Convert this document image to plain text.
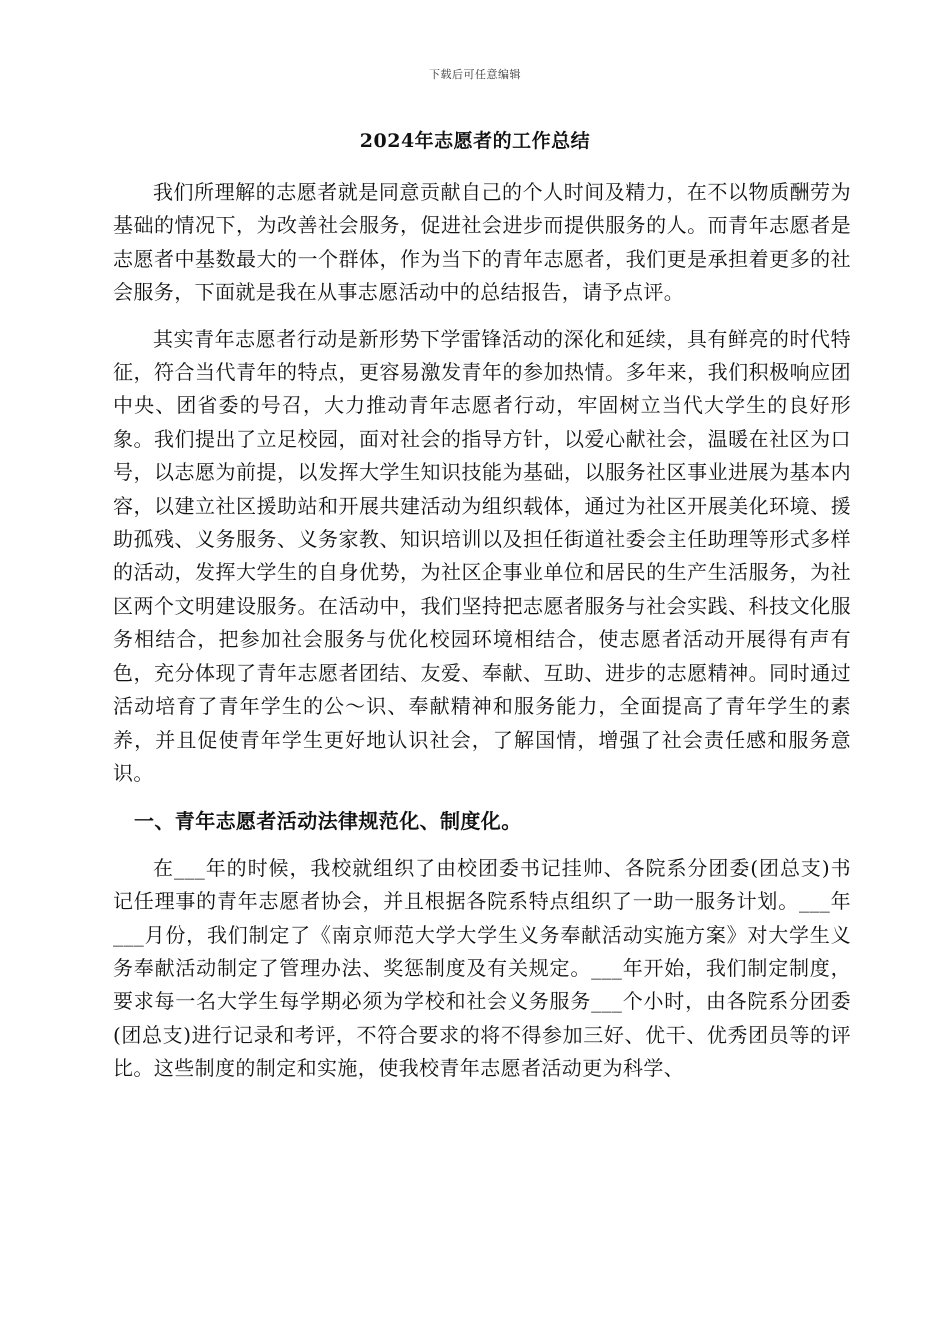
下载后可任意编辑
2024年志愿者的工作总结

我们所理解的志愿者就是同意贡献自己的个人时间及精力，在不以物质酬劳为基础的情况下，为改善社会服务，促进社会进步而提供服务的人。而青年志愿者是志愿者中基数最大的一个群体，作为当下的青年志愿者，我们更是承担着更多的社会服务，下面就是我在从事志愿活动中的总结报告，请予点评。

其实青年志愿者行动是新形势下学雷锋活动的深化和延续，具有鲜亮的时代特征，符合当代青年的特点，更容易激发青年的参加热情。多年来，我们积极响应团中央、团省委的号召，大力推动青年志愿者行动，牢固树立当代大学生的良好形象。我们提出了立足校园，面对社会的指导方针，以爱心献社会，温暖在社区为口号，以志愿为前提，以发挥大学生知识技能为基础，以服务社区事业进展为基本内容，以建立社区援助站和开展共建活动为组织载体，通过为社区开展美化环境、援助孤残、义务服务、义务家教、知识培训以及担任街道社委会主任助理等形式多样的活动，发挥大学生的自身优势，为社区企事业单位和居民的生产生活服务，为社区两个文明建设服务。在活动中，我们坚持把志愿者服务与社会实践、科技文化服务相结合，把参加社会服务与优化校园环境相结合，使志愿者活动开展得有声有色，充分体现了青年志愿者团结、友爱、奉献、互助、进步的志愿精神。同时通过活动培育了青年学生的公～识、奉献精神和服务能力，全面提高了青年学生的素养，并且促使青年学生更好地认识社会，了解国情，增强了社会责任感和服务意识。

一、青年志愿者活动法律规范化、制度化。

在___年的时候，我校就组织了由校团委书记挂帅、各院系分团委(团总支)书记任理事的青年志愿者协会，并且根据各院系特点组织了一助一服务计划。___年___月份，我们制定了《南京师范大学大学生义务奉献活动实施方案》对大学生义务奉献活动制定了管理办法、奖惩制度及有关规定。___年开始，我们制定制度，要求每一名大学生每学期必须为学校和社会义务服务___个小时，由各院系分团委(团总支)进行记录和考评，不符合要求的将不得参加三好、优干、优秀团员等的评比。这些制度的制定和实施，使我校青年志愿者活动更为科学、
